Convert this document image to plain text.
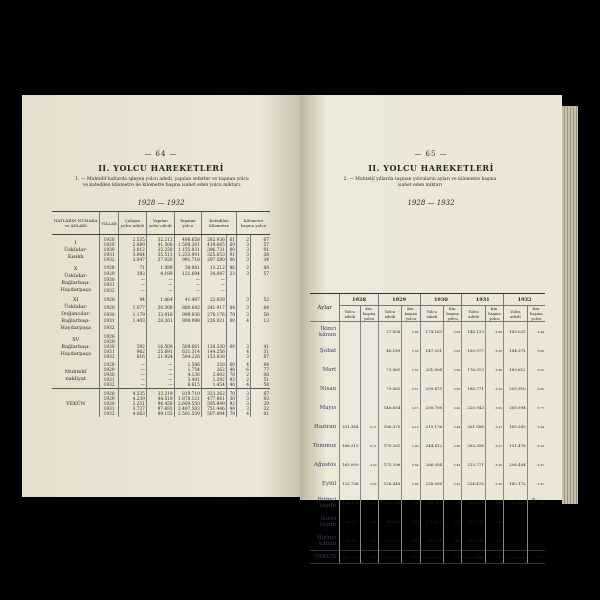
— 64 —
II. YOLCU HAREKETLERİ
1. — Muhtelif hatlarda işleyen yolcu adedi, yapılan seferler ve taşınan yolcu ve katedilen kilometre ile kilometre başına isabet eden yolcu miktarı.
1928 — 1932
HATLARIN NUMARA ve ADLARI	YILLAR	Çalışan yolcu adedi	Yapılan sefer adedi	Taşınan yolcu	Katedilen Kilometre		Kilometre başına yolcu	
I
Üsküdar-
Kısıklı	1928	2.535	32.213	498.658	282.936	61	2	67
	1929	2.889	41.508	1.500.261	419.665	69	3	57
	1930	3.012	35.258	1.155.931	396.731	00	3	01
	1931	3.064	35.513	1.233.901	325.653	91	3	38
	1932	3.047	37.020	991.718	297.580	00	3	34
X
Üsküdar-
Bağlarbaşı-
Haydarpaşa	1928	71	1.089	38.081	13.212	86	2	88
	1929	193	4.189	121.694	34.047	23	3	57
	1930	—	—	—	—			
	1931	—	—	—	—			
	1932	—	—	—	—			
XI
Üsküdar-
Doğancılar-
Bağlarbaşı-
Haydarpaşa	1928	94	1.064	41.487	22.839		3	52
	1929	1.077	30.308	880.642	241.917	84	3	64
	1930	1.179	33.916	999.936	278.176	79	3	58
	1931	1.403	28.261	898.098	226.021	00	4	13
	1932							
XV
Bağlarbaşı-
Haydarpaşa	1928							
	1929							
	1930	592	16.509	509.661	128.330	00	3	41
	1931	962	25.691	621.314	144.256		4	31
	1932	816	21.924	594.226	153.838		3	87
Muhtelif
nakliyat	1928	—	—	1.586	328	60	4	84
	1929	—	—	1.754	262	48	6	77
	1930	—	—	4.136	2.002	70	2	08
	1931	—	—	3.441	1.392	93	2	51
	1932	—	—	6.615	1.454	40	4	54
YEKÛN	1928	4.535	33.219	819.719	323.262	70	3	67
	1929	4.239	44.519	1.878.121	477.061	30	3	93
	1930	3.251	96.458	2.609.550	595.949	92	3	29
	1931	3.727	97.693	2.497.583	751.446	98	3	32
	1932	4.063	99.155	2.501.559	507.094	79	4	01
— 65 —
II. YOLCU HAREKETLERİ
2. — Muhtelif yıllarda taşınan yolcuların ayları ve kilometre başına isabet eden miktarı
1928 — 1932
Aylar	1928		1929		1930		1931		1932	
	Yolcu adedi	Km. başına yolcu	Yolcu adedi	Km. başına yolcu	Yolcu adedi	Km. başına yolcu	Yolcu adedi	Km. başına yolcu	Yolcu adedi	Km. başına yolcu
İkinci kânun			27.858	3.80	174.163	3.64	148.133	3.88	149.025	3.44
Şubat			46.189	3.59	147.331	3.62	150.977	3.58	184.371	3.60
Mart			73.961	3.52	201.894	3.50	176.313	3.48	189.612	3.52
Nisan			79.062	3.51	209.475	3.55	186.771	3.58	205.910	3.60
Mayıs			146.654	4.15	258.798	3.42	220.943	3.62	205.994	3.77
Haziran	201.364	4.71	186.375	4.10	219.176	3.44	201.888	3.41	185.265	3.44
Temmuz	166.315	4.71	170.261	3.90	244.412	3.30	263.356	3.31	191.478	3.34
Ağustos	165.009	4.52	175.396	3.54	266.054	3.43	213.771	3.30	206.404	3.47
Eylül	125.738	3.67	126.448	3.60	228.956	3.42	224.476	3.40	185.172	3.47
Birinci teşrin	134.478	3.76	125.154	3.52	198.747	3.41	255.018	3.45	183.068	3.90
İkinci teşrin	86.291	3.61	95.650	3.55	171.857	3.72	172.256	3.68		
Birinci kânun	76.909	4.02	105.975	3.60	166.074	3.65	148.753	3.72		
YEKÛN	819.719	3.67	1.378.121	3.93	2.509.786	3.29	2.617.888	3.32	2.305.089	3.70
5
